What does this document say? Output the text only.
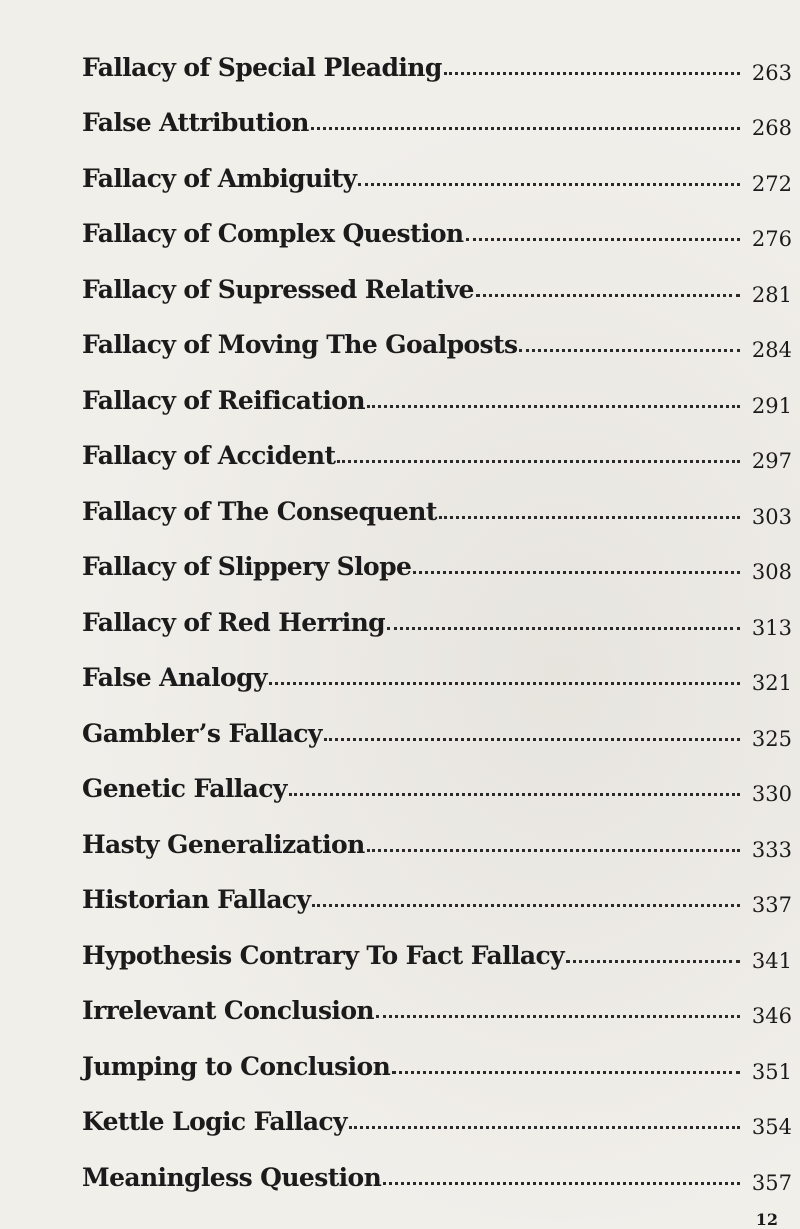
Fallacy of Special Pleading	263
False Attribution	268
Fallacy of Ambiguity	272
Fallacy of Complex Question	276
Fallacy of Supressed Relative	281
Fallacy of Moving The Goalposts	284
Fallacy of Reification	291
Fallacy of Accident	297
Fallacy of The Consequent	303
Fallacy of Slippery Slope	308
Fallacy of Red Herring	313
False Analogy	321
Gambler’s Fallacy	325
Genetic Fallacy	330
Hasty Generalization	333
Historian Fallacy	337
Hypothesis Contrary To Fact Fallacy	341
Irrelevant Conclusion	346
Jumping to Conclusion	351
Kettle Logic Fallacy	354
Meaningless Question	357
12
